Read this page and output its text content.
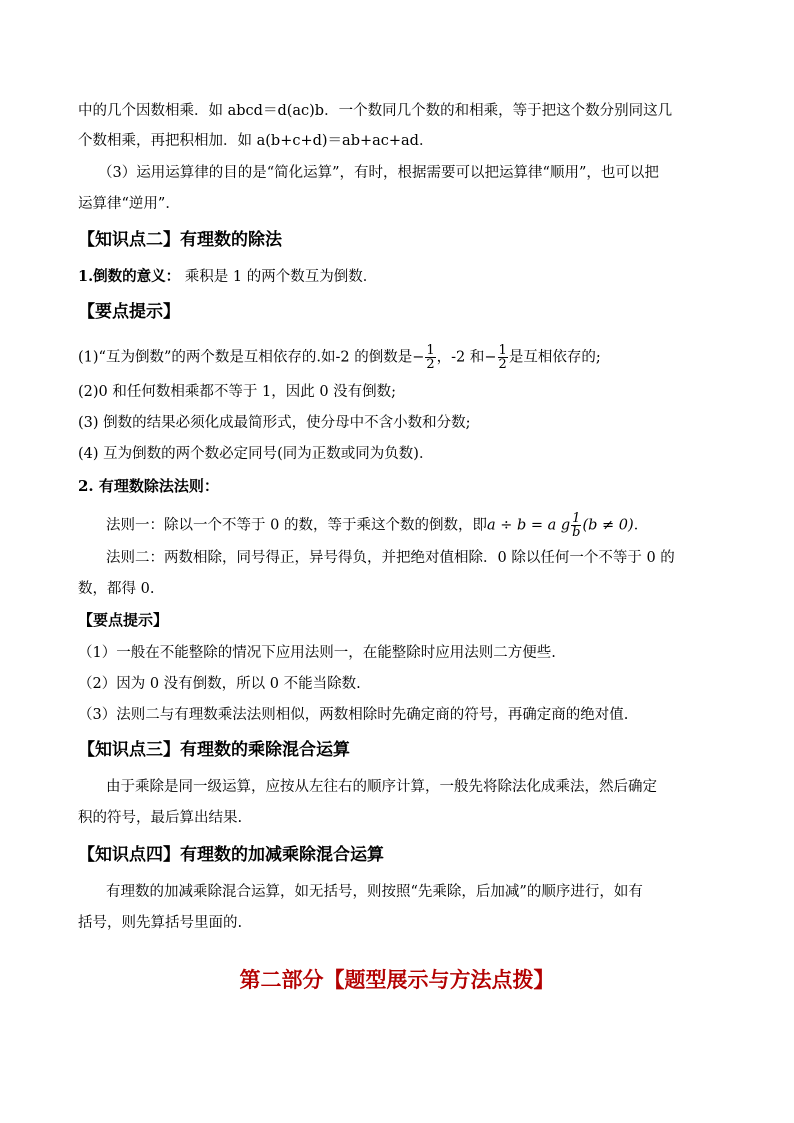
中的几个因数相乘．如 abcd＝d(ac)b．一个数同几个数的和相乘，等于把这个数分别同这几
个数相乘，再把积相加．如 a(b+c+d)＝ab+ac+ad．
（3）运用运算律的目的是“简化运算”，有时，根据需要可以把运算律“顺用”，也可以把
运算律“逆用”．
【知识点二】有理数的除法
1.倒数的意义： 乘积是 1 的两个数互为倒数．
【要点提示】
(1)“互为倒数”的两个数是互相依存的.如-2 的倒数是− $\frac{1}{2}$ ，-2 和− $\frac{1}{2}$ 是互相依存的;
(2)0 和任何数相乘都不等于 1，因此 0 没有倒数;
(3) 倒数的结果必须化成最简形式，使分母中不含小数和分数;
(4) 互为倒数的两个数必定同号(同为正数或同为负数)．
2. 有理数除法法则：
法则一：除以一个不等于 0 的数，等于乘这个数的倒数，即a ÷ b = a g $\frac{1}{b} (b \ne 0)$．
法则二：两数相除，同号得正，异号得负，并把绝对值相除．0 除以任何一个不等于 0 的
数，都得 0.
【要点提示】
（1）一般在不能整除的情况下应用法则一，在能整除时应用法则二方便些.
（2）因为 0 没有倒数，所以 0 不能当除数.
（3）法则二与有理数乘法法则相似，两数相除时先确定商的符号，再确定商的绝对值.
【知识点三】有理数的乘除混合运算
由于乘除是同一级运算，应按从左往右的顺序计算，一般先将除法化成乘法，然后确定
积的符号，最后算出结果.
【知识点四】有理数的加减乘除混合运算
有理数的加减乘除混合运算，如无括号，则按照“先乘除，后加减”的顺序进行，如有
括号，则先算括号里面的.
第二部分【题型展示与方法点拨】
